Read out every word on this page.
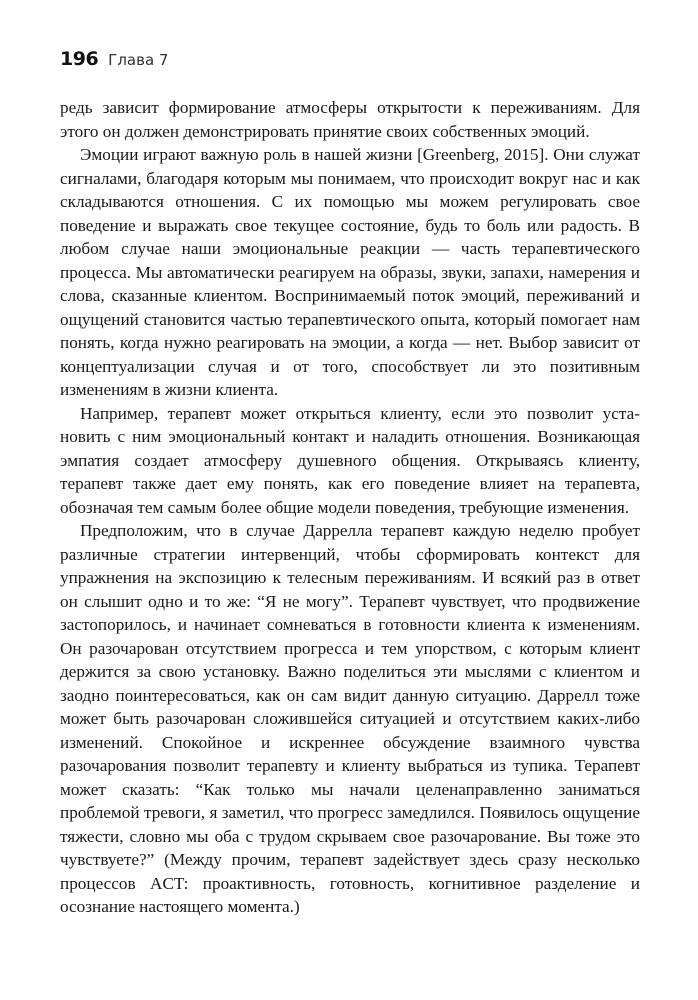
196 Глава 7

редь зависит формирование атмосферы открытости к переживаниям. Для этого он должен демонстрировать принятие своих собственных эмоций.

Эмоции играют важную роль в нашей жизни [Greenberg, 2015]. Они служат сигналами, благодаря которым мы понимаем, что происходит вокруг нас и как складываются отношения. С их помощью мы можем регулировать свое поведение и выражать свое текущее состояние, будь то боль или радость. В любом случае наши эмоциональные реакции — часть терапевтического процесса. Мы автоматически реагируем на образы, звуки, запахи, намерения и слова, сказанные клиентом. Воспринимаемый поток эмоций, переживаний и ощущений становится частью терапевтического опыта, который помогает нам понять, когда нужно реагировать на эмоции, а когда — нет. Выбор зависит от концептуализации случая и от того, способствует ли это позитивным изменениям в жизни клиента.

Например, терапевт может открыться клиенту, если это позволит установить с ним эмоциональный контакт и наладить отношения. Возникающая эмпатия создает атмосферу душевного общения. Открываясь клиенту, терапевт также дает ему понять, как его поведение влияет на терапевта, обозначая тем самым более общие модели поведения, требующие изменения.

Предположим, что в случае Даррелла терапевт каждую неделю пробует различные стратегии интервенций, чтобы сформировать контекст для упражнения на экспозицию к телесным переживаниям. И всякий раз в ответ он слышит одно и то же: “Я не могу”. Терапевт чувствует, что продвижение застопорилось, и начинает сомневаться в готовности клиента к изменениям. Он разочарован отсутствием прогресса и тем упорством, с которым клиент держится за свою установку. Важно поделиться эти мыслями с клиентом и заодно поинтересоваться, как он сам видит данную ситуацию. Даррелл тоже может быть разочарован сложившейся ситуацией и отсутствием каких-либо изменений. Спокойное и искреннее обсуждение взаимного чувства разочарования позволит терапевту и клиенту выбраться из тупика. Терапевт может сказать: “Как только мы начали целенаправленно заниматься проблемой тревоги, я заметил, что прогресс замедлился. Появилось ощущение тяжести, словно мы оба с трудом скрываем свое разочарование. Вы тоже это чувствуете?” (Между прочим, терапевт задействует здесь сразу несколько процессов ACT: проактивность, готовность, когнитивное разделение и осознание настоящего момента.)
